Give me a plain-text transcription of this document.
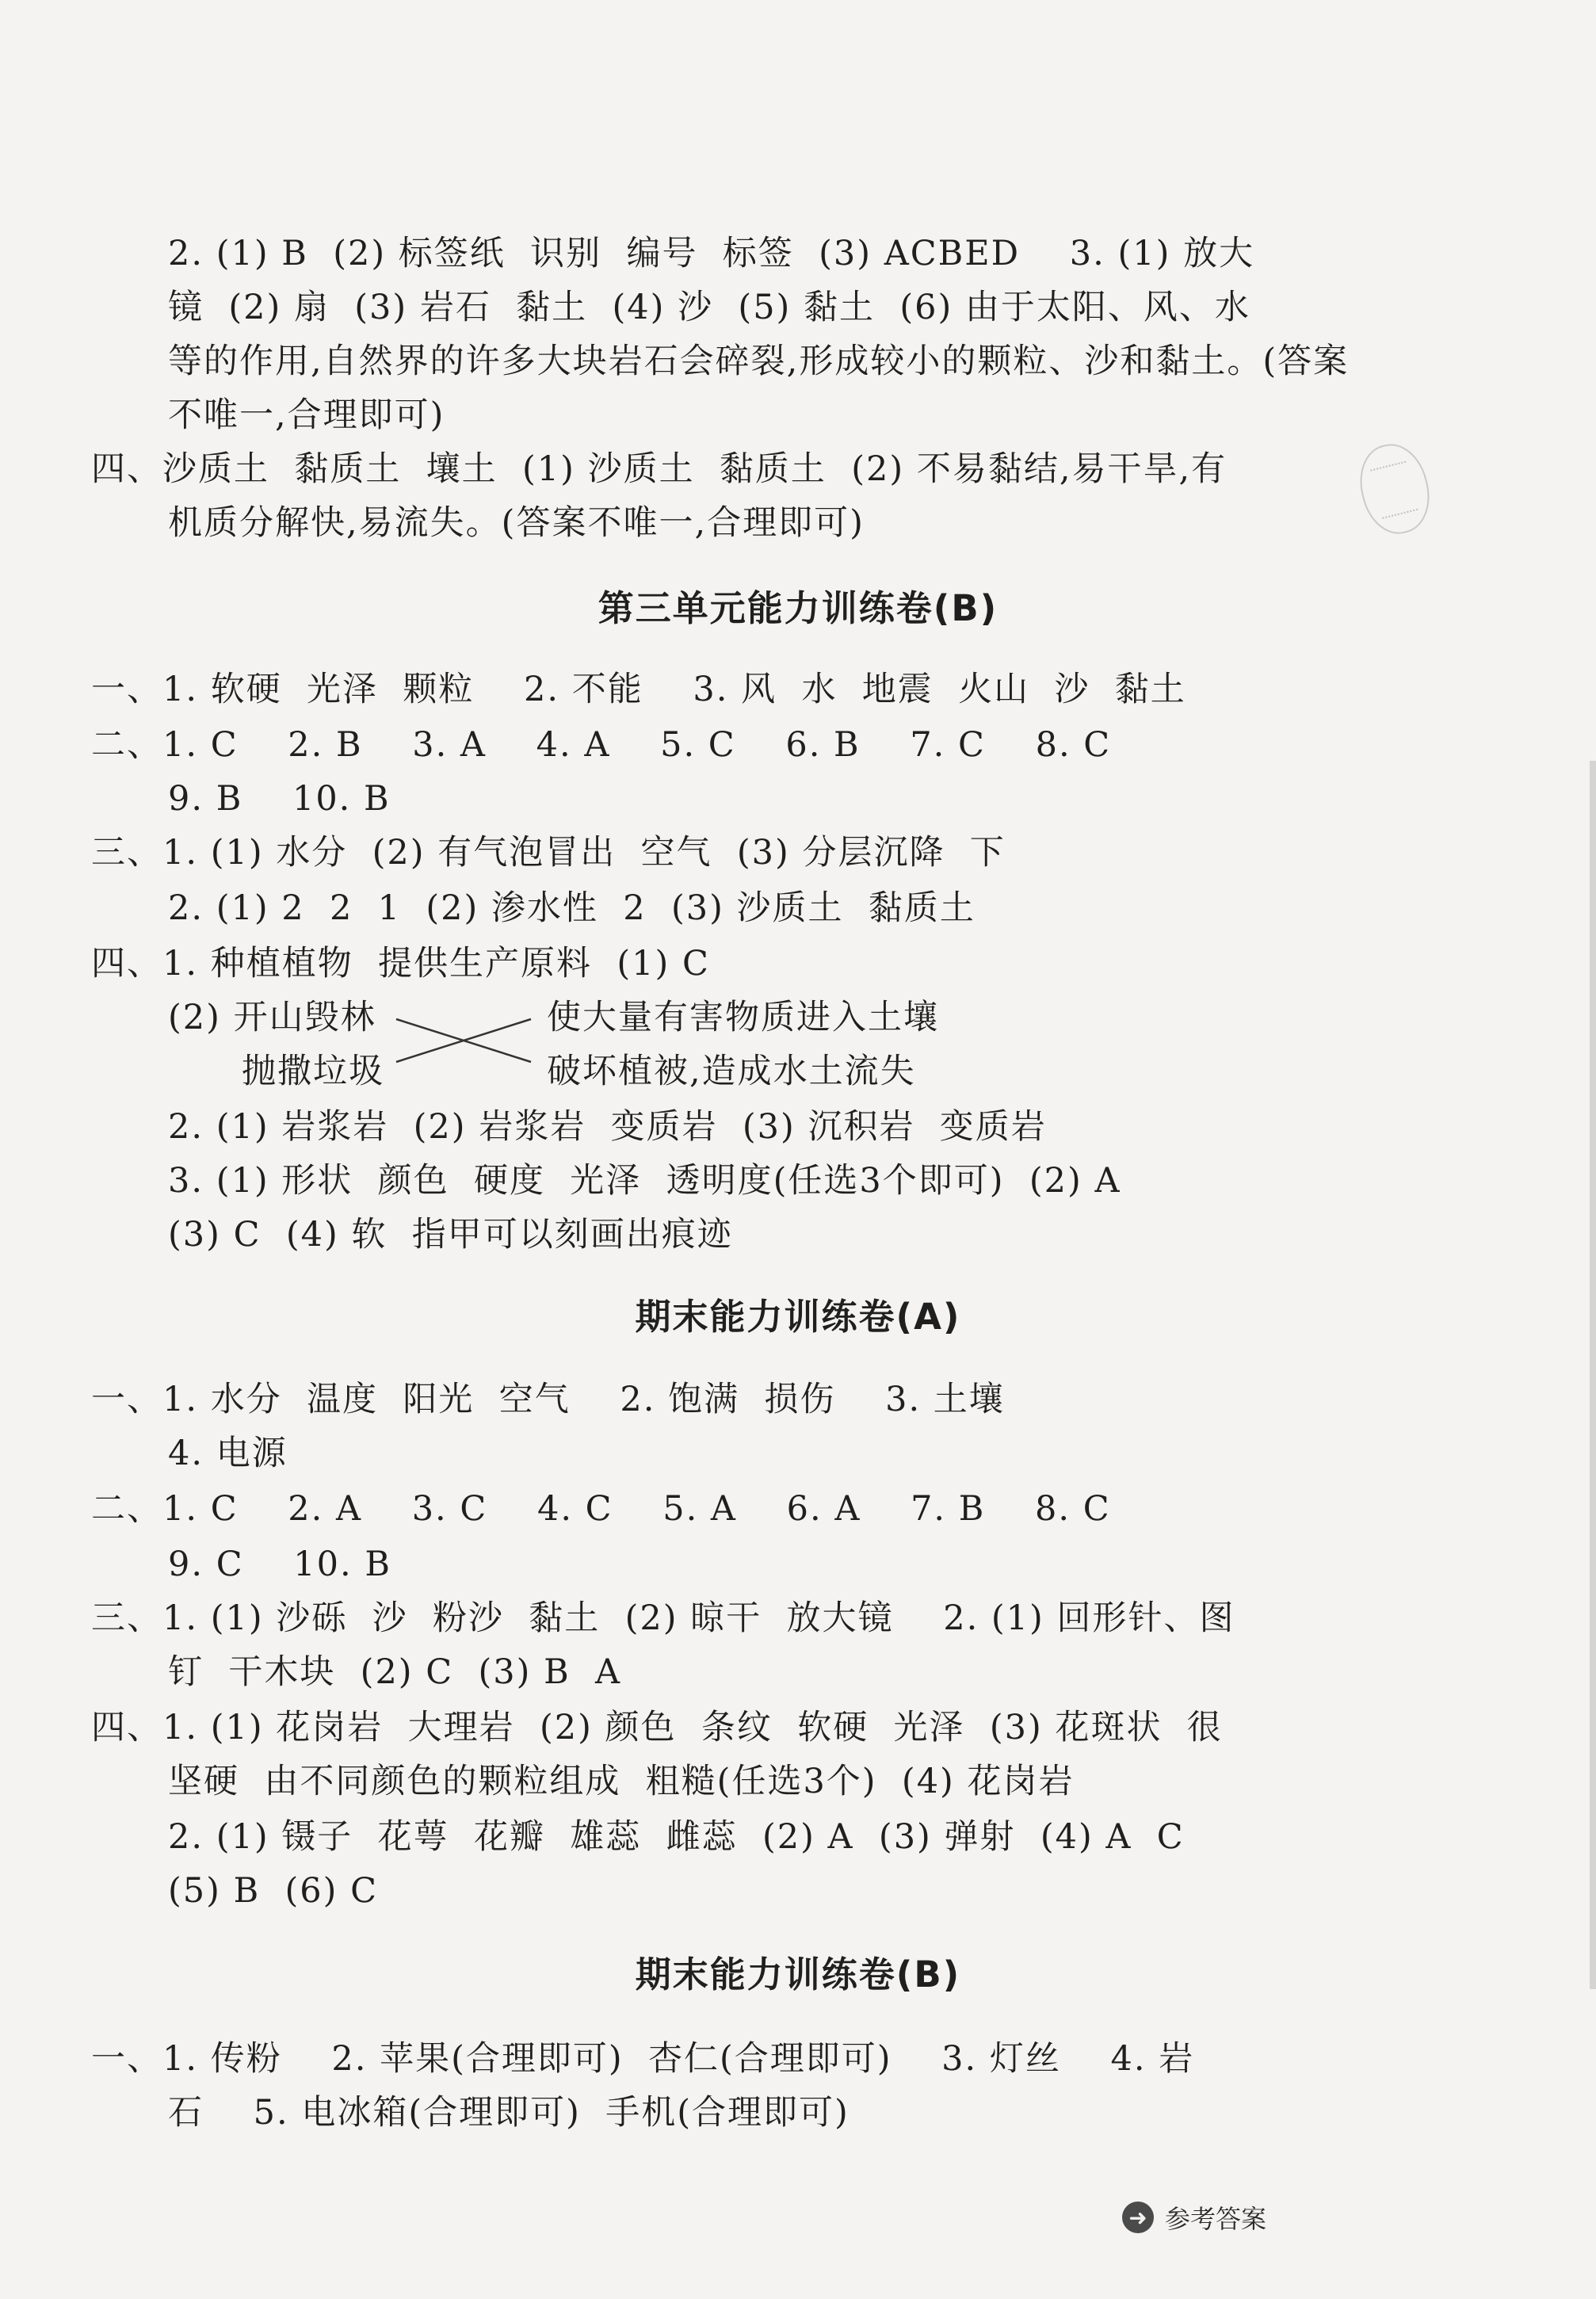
2. (1) B  (2) 标签纸  识别  编号  标签  (3) ACBED    3. (1) 放大
镜  (2) 扇  (3) 岩石  黏土  (4) 沙  (5) 黏土  (6) 由于太阳、风、水
等的作用,自然界的许多大块岩石会碎裂,形成较小的颗粒、沙和黏土。(答案
不唯一,合理即可)
四、沙质土  黏质土  壤土  (1) 沙质土  黏质土  (2) 不易黏结,易干旱,有
机质分解快,易流失。(答案不唯一,合理即可)
第三单元能力训练卷(B)
一、1. 软硬  光泽  颗粒    2. 不能    3. 风  水  地震  火山  沙  黏土
二、1. C    2. B    3. A    4. A    5. C    6. B    7. C    8. C
9. B    10. B
三、1. (1) 水分  (2) 有气泡冒出  空气  (3) 分层沉降  下
2. (1) 2  2  1  (2) 渗水性  2  (3) 沙质土  黏质土
四、1. 种植植物  提供生产原料  (1) C
(2) 开山毁林	使大量有害物质进入土壤
抛撒垃圾	破坏植被,造成水土流失
2. (1) 岩浆岩  (2) 岩浆岩  变质岩  (3) 沉积岩  变质岩
3. (1) 形状  颜色  硬度  光泽  透明度(任选3个即可)  (2) A
(3) C  (4) 软  指甲可以刻画出痕迹
期末能力训练卷(A)
一、1. 水分  温度  阳光  空气    2. 饱满  损伤    3. 土壤
4. 电源
二、1. C    2. A    3. C    4. C    5. A    6. A    7. B    8. C
9. C    10. B
三、1. (1) 沙砾  沙  粉沙  黏土  (2) 晾干  放大镜    2. (1) 回形针、图
钉  干木块  (2) C  (3) B  A
四、1. (1) 花岗岩  大理岩  (2) 颜色  条纹  软硬  光泽  (3) 花斑状  很
坚硬  由不同颜色的颗粒组成  粗糙(任选3个)  (4) 花岗岩
2. (1) 镊子  花萼  花瓣  雄蕊  雌蕊  (2) A  (3) 弹射  (4) A  C
(5) B  (6) C
期末能力训练卷(B)
一、1. 传粉    2. 苹果(合理即可)  杏仁(合理即可)    3. 灯丝    4. 岩
石    5. 电冰箱(合理即可)  手机(合理即可)
➜ 参考答案
